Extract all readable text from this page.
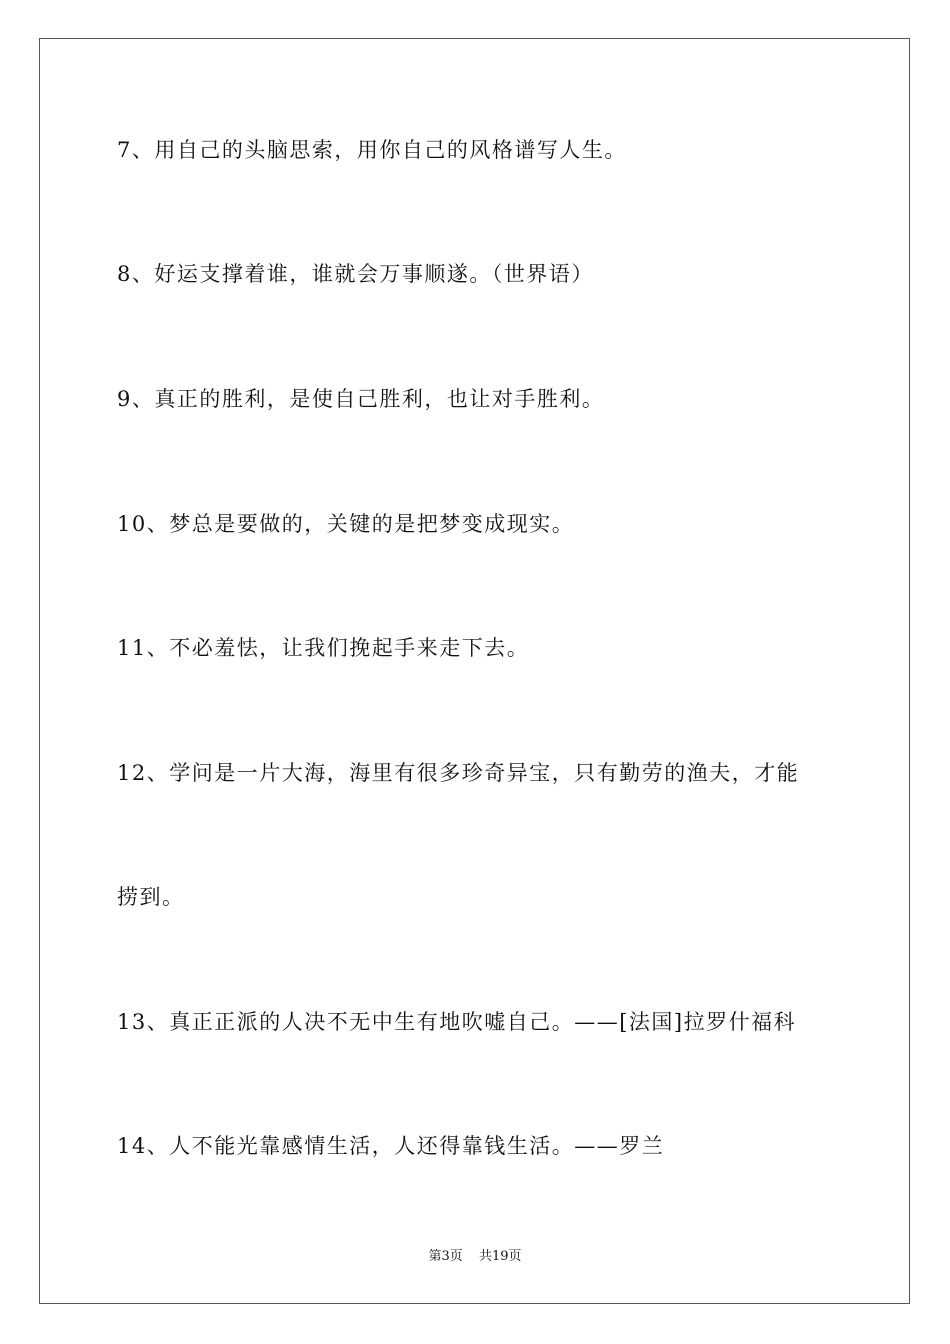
7、用自己的头脑思索，用你自己的风格谱写人生。
8、好运支撑着谁，谁就会万事顺遂。（世界语）
9、真正的胜利，是使自己胜利，也让对手胜利。
10、梦总是要做的，关键的是把梦变成现实。
11、不必羞怯，让我们挽起手来走下去。
12、学问是一片大海，海里有很多珍奇异宝，只有勤劳的渔夫，才能
捞到。
13、真正正派的人决不无中生有地吹嘘自己。——[法国]拉罗什福科
14、人不能光靠感情生活，人还得靠钱生活。——罗兰
第3页 共19页
